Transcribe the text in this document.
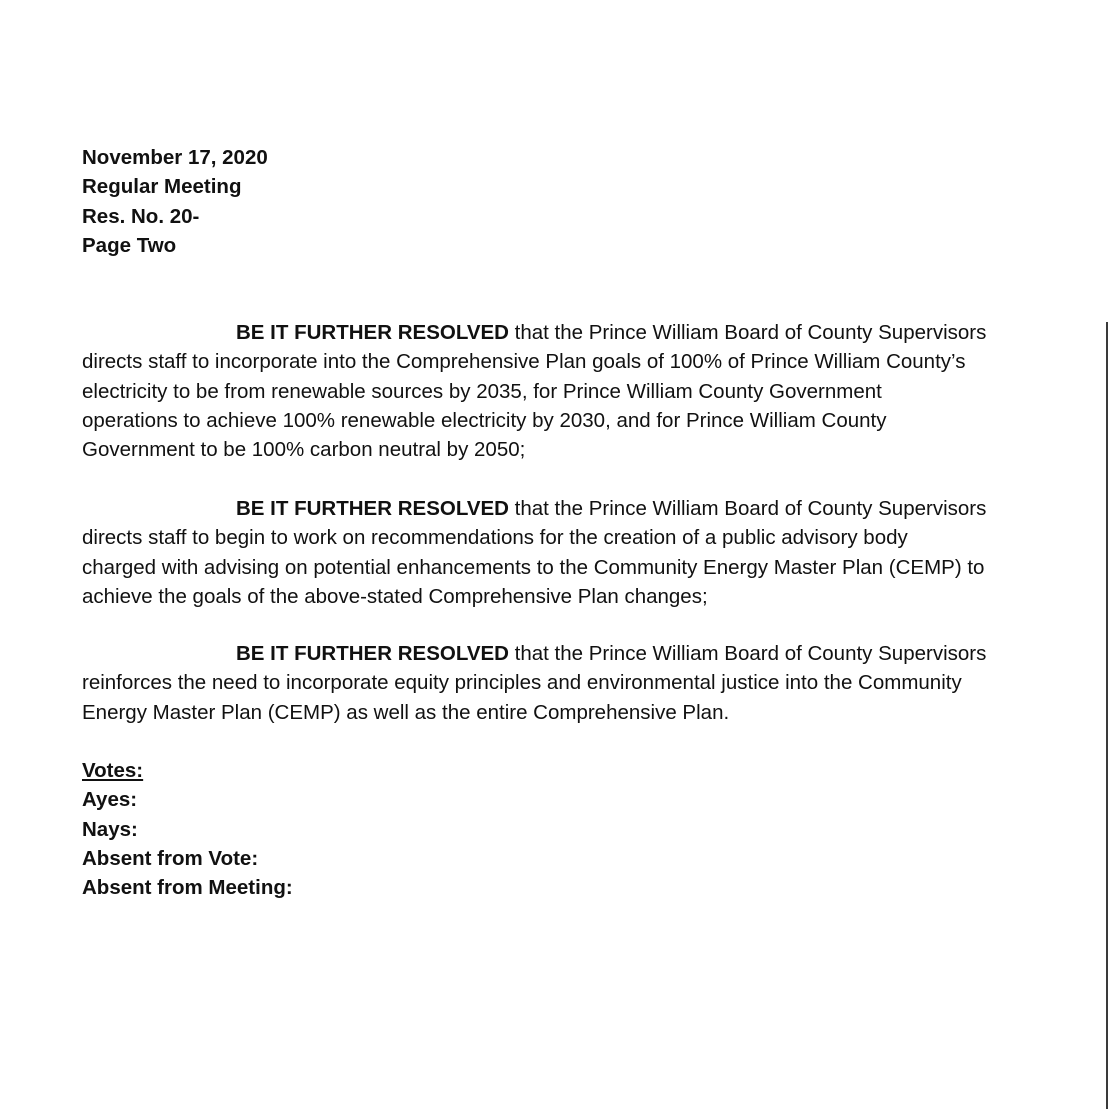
November 17, 2020
Regular Meeting
Res. No. 20-
Page Two
BE IT FURTHER RESOLVED that the Prince William Board of County Supervisors
directs staff to incorporate into the Comprehensive Plan goals of 100% of Prince William County’s
electricity to be from renewable sources by 2035, for Prince William County Government
operations to achieve 100% renewable electricity by 2030, and for Prince William County
Government to be 100% carbon neutral by 2050;
BE IT FURTHER RESOLVED that the Prince William Board of County Supervisors
directs staff to begin to work on recommendations for the creation of a public advisory body
charged with advising on potential enhancements to the Community Energy Master Plan (CEMP) to
achieve the goals of the above-stated Comprehensive Plan changes;
BE IT FURTHER RESOLVED that the Prince William Board of County Supervisors
reinforces the need to incorporate equity principles and environmental justice into the Community
Energy Master Plan (CEMP) as well as the entire Comprehensive Plan.
Votes:
Ayes:
Nays:
Absent from Vote:
Absent from Meeting:
